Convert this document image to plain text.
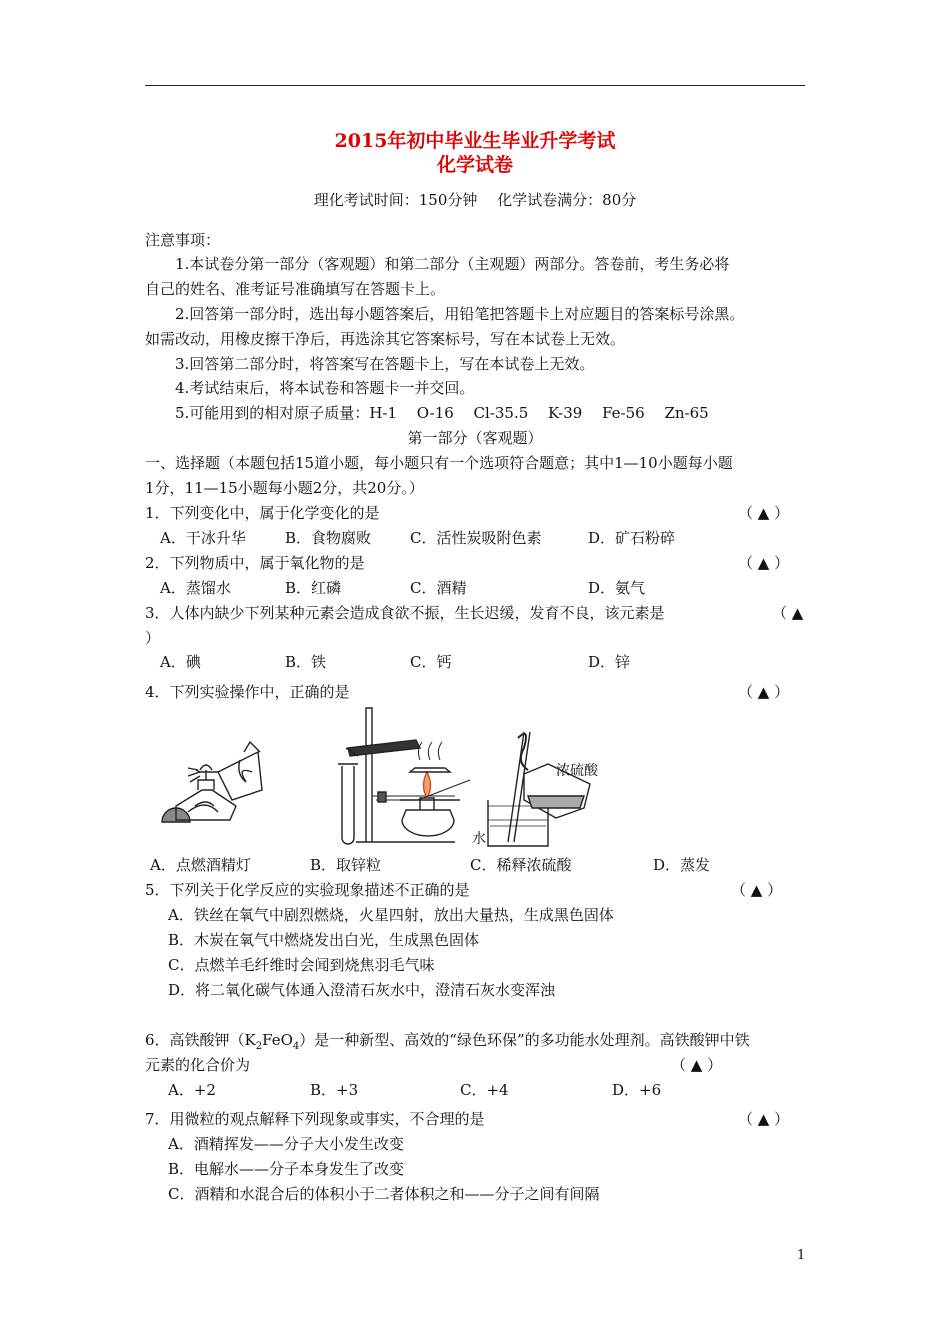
2015年初中毕业生毕业升学考试
化学试卷
理化考试时间：150分钟　 化学试卷满分：80分
注意事项：
1.本试卷分第一部分（客观题）和第二部分（主观题）两部分。答卷前，考生务必将
自己的姓名、准考证号准确填写在答题卡上。
2.回答第一部分时，选出每小题答案后，用铅笔把答题卡上对应题目的答案标号涂黑。
如需改动，用橡皮擦干净后，再选涂其它答案标号，写在本试卷上无效。
3.回答第二部分时，将答案写在答题卡上，写在本试卷上无效。
4.考试结束后，将本试卷和答题卡一并交回。
5.可能用到的相对原子质量：H-1　 O-16　 Cl-35.5　 K-39　 Fe-56　 Zn-65
第一部分（客观题）
一、选择题（本题包括15道小题，每小题只有一个选项符合题意；其中1—10小题每小题
1分，11—15小题每小题2分，共20分。）
1．下列变化中，属于化学变化的是	（ ▲ ）
A．干冰升华	B．食物腐败	C．活性炭吸附色素	D．矿石粉碎
2．下列物质中，属于氧化物的是	（ ▲ ）
A．蒸馏水	B．红磷	C．酒精	D．氨气
3．人体内缺少下列某种元素会造成食欲不振，生长迟缓，发育不良，该元素是	（ ▲
）
A．碘	B．铁	C．钙	D．锌
4．下列实验操作中，正确的是	（ ▲ ）
浓硫酸
水
A．点燃酒精灯	B．取锌粒	C．稀释浓硫酸	D．蒸发
5．下列关于化学反应的实验现象描述不正确的是	（ ▲ ）
A．铁丝在氧气中剧烈燃烧，火星四射，放出大量热，生成黑色固体
B．木炭在氧气中燃烧发出白光，生成黑色固体
C．点燃羊毛纤维时会闻到烧焦羽毛气味
D．将二氧化碳气体通入澄清石灰水中，澄清石灰水变浑浊
6．高铁酸钾$(K_2FeO_4)$是一种新型、高效的“绿色环保”的多功能水处理剂。高铁酸钾中铁
元素的化合价为	（ ▲ ）
A．+2	B．+3	C．+4	D．+6
7．用微粒的观点解释下列现象或事实，不合理的是	（ ▲ ）
A．酒精挥发——分子大小发生改变
B．电解水——分子本身发生了改变
C．酒精和水混合后的体积小于二者体积之和——分子之间有间隔
1
